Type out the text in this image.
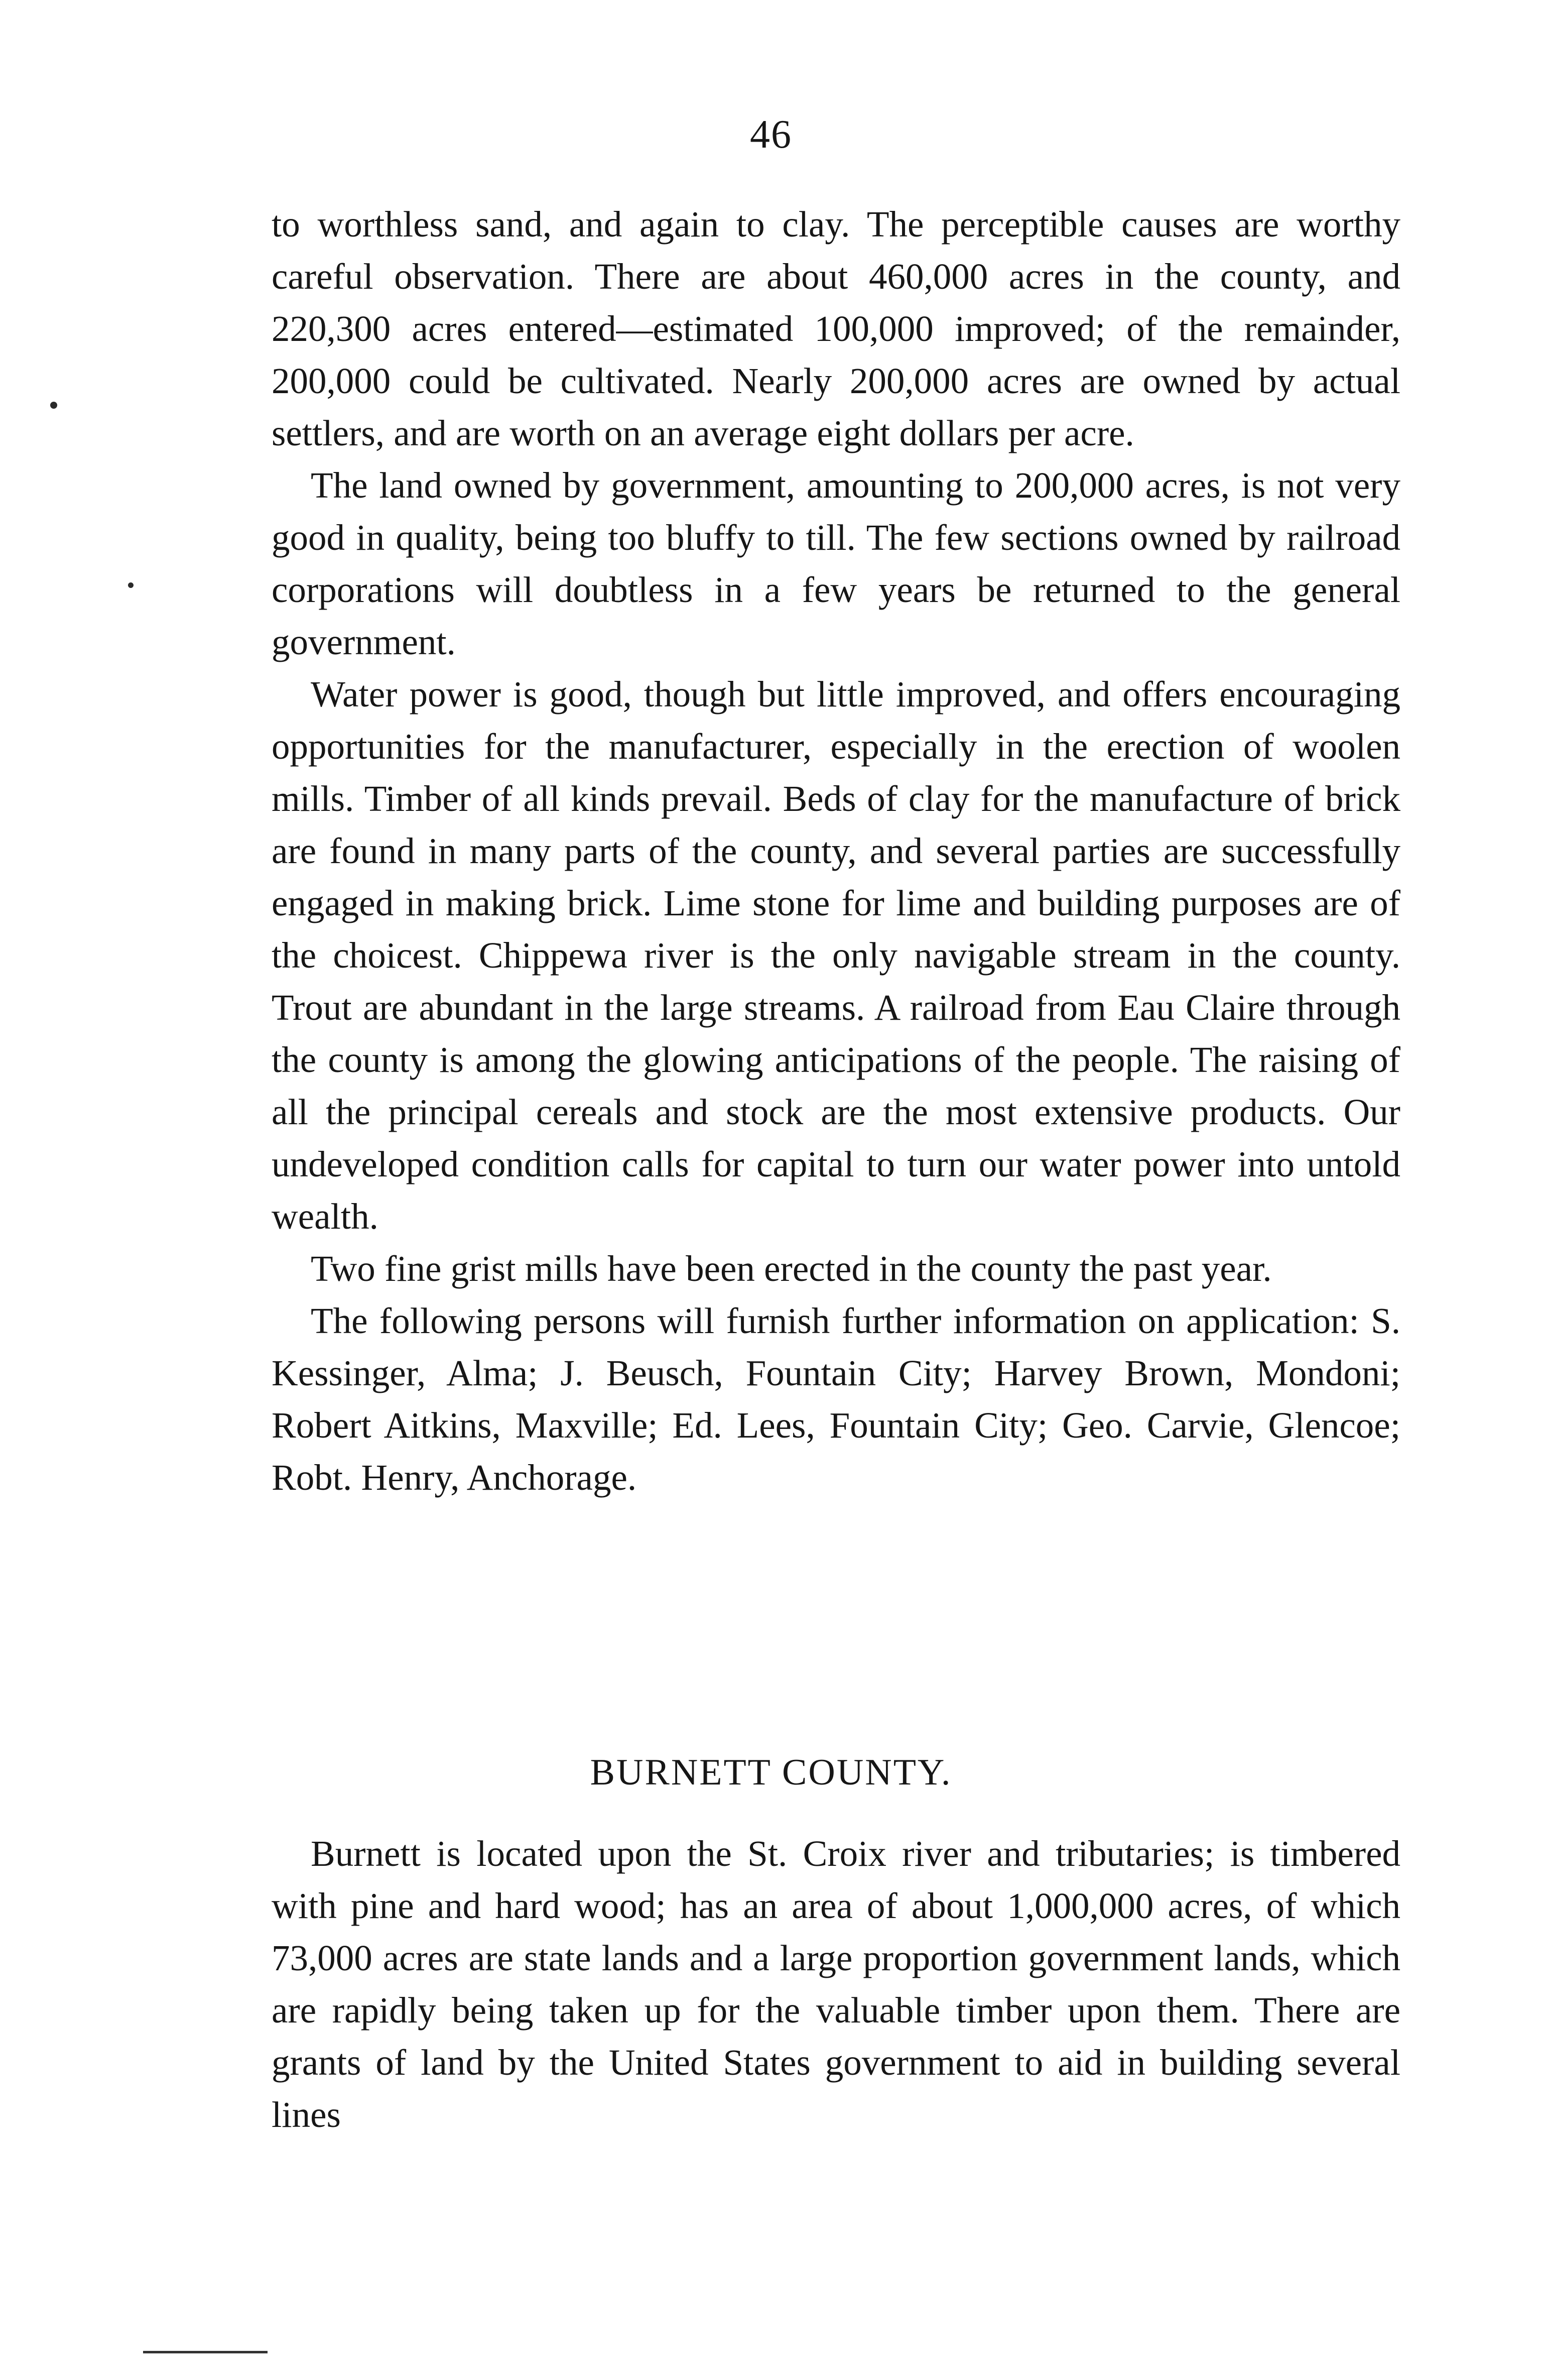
46

to worthless sand, and again to clay. The perceptible causes are worthy careful observation. There are about 460,000 acres in the county, and 220,300 acres entered—estimated 100,000 improved; of the remainder, 200,000 could be cultivated. Nearly 200,000 acres are owned by actual settlers, and are worth on an average eight dollars per acre.

The land owned by government, amounting to 200,000 acres, is not very good in quality, being too bluffy to till. The few sections owned by railroad corporations will doubtless in a few years be returned to the general government.

Water power is good, though but little improved, and offers encouraging opportunities for the manufacturer, especially in the erection of woolen mills. Timber of all kinds prevail. Beds of clay for the manufacture of brick are found in many parts of the county, and several parties are successfully engaged in making brick. Lime stone for lime and building purposes are of the choicest. Chippewa river is the only navigable stream in the county. Trout are abundant in the large streams. A railroad from Eau Claire through the county is among the glowing anticipations of the people. The raising of all the principal cereals and stock are the most extensive products. Our undeveloped condition calls for capital to turn our water power into untold wealth.

Two fine grist mills have been erected in the county the past year.

The following persons will furnish further information on application: S. Kessinger, Alma; J. Beusch, Fountain City; Harvey Brown, Mondoni; Robert Aitkins, Maxville; Ed. Lees, Fountain City; Geo. Carvie, Glencoe; Robt. Henry, Anchorage.

BURNETT COUNTY.

Burnett is located upon the St. Croix river and tributaries; is timbered with pine and hard wood; has an area of about 1,000,000 acres, of which 73,000 acres are state lands and a large proportion government lands, which are rapidly being taken up for the valuable timber upon them. There are grants of land by the United States government to aid in building several lines
